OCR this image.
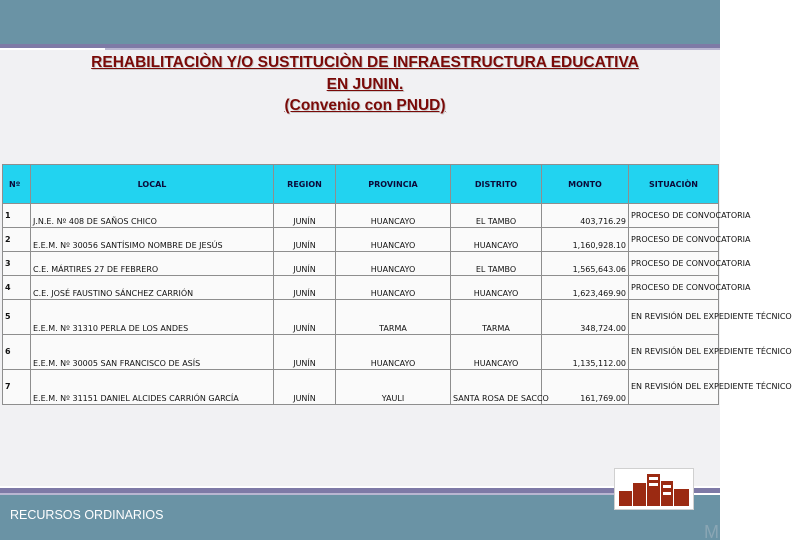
REHABILITACIÒN Y/O SUSTITUCIÒN DE INFRAESTRUCTURA EDUCATIVA
EN JUNIN.
(Convenio con PNUD)
Nº	LOCAL	REGION	PROVINCIA	DISTRITO	MONTO	SITUACIÒN
1	J.N.E. Nº 408 DE SAÑOS CHICO	JUNÍN	HUANCAYO	EL TAMBO	403,716.29	PROCESO DE CONVOCATORIA
2	E.E.M. Nº 30056 SANTÍSIMO NOMBRE DE JESÚS	JUNÍN	HUANCAYO	HUANCAYO	1,160,928.10	PROCESO DE CONVOCATORIA
3	C.E. MÁRTIRES 27 DE FEBRERO	JUNÍN	HUANCAYO	EL TAMBO	1,565,643.06	PROCESO DE CONVOCATORIA
4	C.E. JOSÉ FAUSTINO SÁNCHEZ CARRIÓN	JUNÍN	HUANCAYO	HUANCAYO	1,623,469.90	PROCESO DE CONVOCATORIA
5	E.E.M. Nº 31310 PERLA DE LOS ANDES	JUNÍN	TARMA	TARMA	348,724.00	EN REVISIÓN DEL EXPEDIENTE TÉCNICO
6	E.E.M. Nº 30005 SAN FRANCISCO DE ASÍS	JUNÍN	HUANCAYO	HUANCAYO	1,135,112.00	EN REVISIÓN DEL EXPEDIENTE TÉCNICO
7	E.E.M. Nº 31151 DANIEL ALCIDES CARRIÓN GARCÍA	JUNÍN	YAULI	SANTA ROSA DE SACCO	161,769.00	EN REVISIÓN DEL EXPEDIENTE TÉCNICO
RECURSOS ORDINARIOS
M
